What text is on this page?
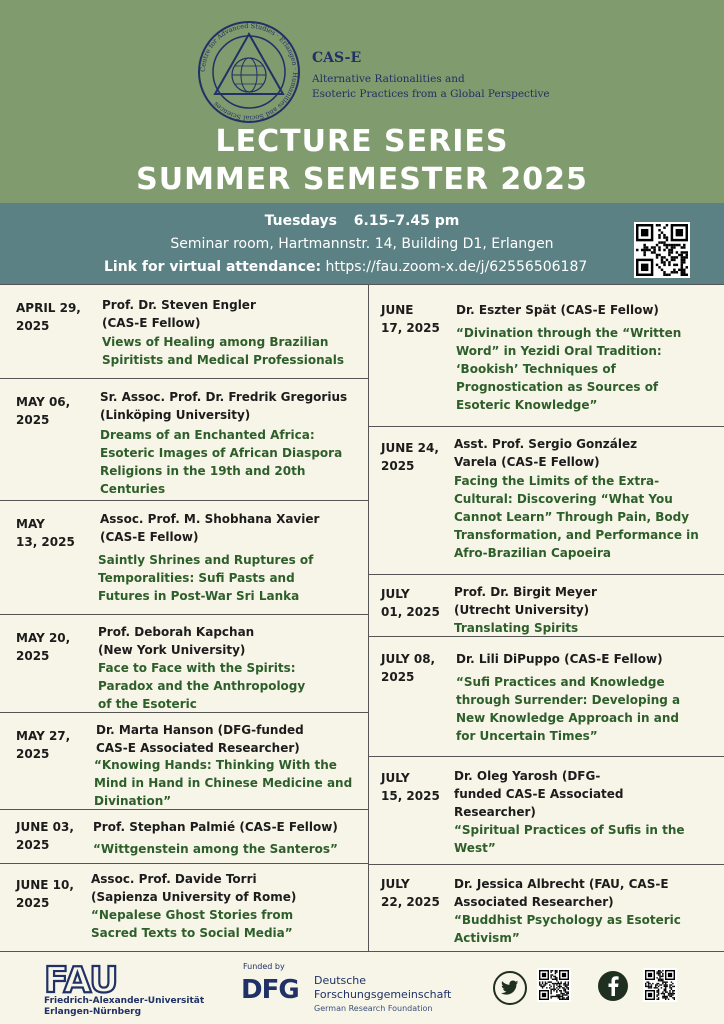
Centre for Advanced Studies · Erlangen · Humanities and Social Sciences
CAS-E
Alternative Rationalities and
Esoteric Practices from a Global Perspective
LECTURE SERIES
SUMMER SEMESTER 2025
Tuesdays 6.15–7.45 pm
Seminar room, Hartmannstr. 14, Building D1, Erlangen
Link for virtual attendance: https://fau.zoom-x.de/j/62556506187
APRIL 29,
2025
Prof. Dr. Steven Engler
(CAS-E Fellow)
Views of Healing among Brazilian
Spiritists and Medical Professionals
MAY 06,
2025
Sr. Assoc. Prof. Dr. Fredrik Gregorius
(Linköping University)
Dreams of an Enchanted Africa:
Esoteric Images of African Diaspora
Religions in the 19th and 20th
Centuries
MAY
13, 2025
Assoc. Prof. M. Shobhana Xavier
(CAS-E Fellow)
Saintly Shrines and Ruptures of
Temporalities: Sufi Pasts and
Futures in Post-War Sri Lanka
MAY 20,
2025
Prof. Deborah Kapchan
(New York University)
Face to Face with the Spirits:
Paradox and the Anthropology
of the Esoteric
MAY 27,
2025
Dr. Marta Hanson (DFG-funded
CAS-E Associated Researcher)
“Knowing Hands: Thinking With the
Mind in Hand in Chinese Medicine and
Divination”
JUNE 03,
2025
Prof. Stephan Palmié (CAS-E Fellow)
“Wittgenstein among the Santeros”
JUNE 10,
2025
Assoc. Prof. Davide Torri
(Sapienza University of Rome)
“Nepalese Ghost Stories from
Sacred Texts to Social Media”
JUNE
17, 2025
Dr. Eszter Spät (CAS-E Fellow)
“Divination through the “Written
Word” in Yezidi Oral Tradition:
‘Bookish’ Techniques of
Prognostication as Sources of
Esoteric Knowledge”
JUNE 24,
2025
Asst. Prof. Sergio González
Varela (CAS-E Fellow)
Facing the Limits of the Extra-
Cultural: Discovering “What You
Cannot Learn” Through Pain, Body
Transformation, and Performance in
Afro-Brazilian Capoeira
JULY
01, 2025
Prof. Dr. Birgit Meyer
(Utrecht University)
Translating Spirits
JULY 08,
2025
Dr. Lili DiPuppo (CAS-E Fellow)
“Sufi Practices and Knowledge
through Surrender: Developing a
New Knowledge Approach in and
for Uncertain Times”
JULY
15, 2025
Dr. Oleg Yarosh (DFG-
funded CAS-E Associated
Researcher)
“Spiritual Practices of Sufis in the
West”
JULY
22, 2025
Dr. Jessica Albrecht (FAU, CAS-E
Associated Researcher)
“Buddhist Psychology as Esoteric
Activism”
FAU
Friedrich-Alexander-Universität
Erlangen-Nürnberg
Funded by
DFG Deutsche
Forschungsgemeinschaft
German Research Foundation
